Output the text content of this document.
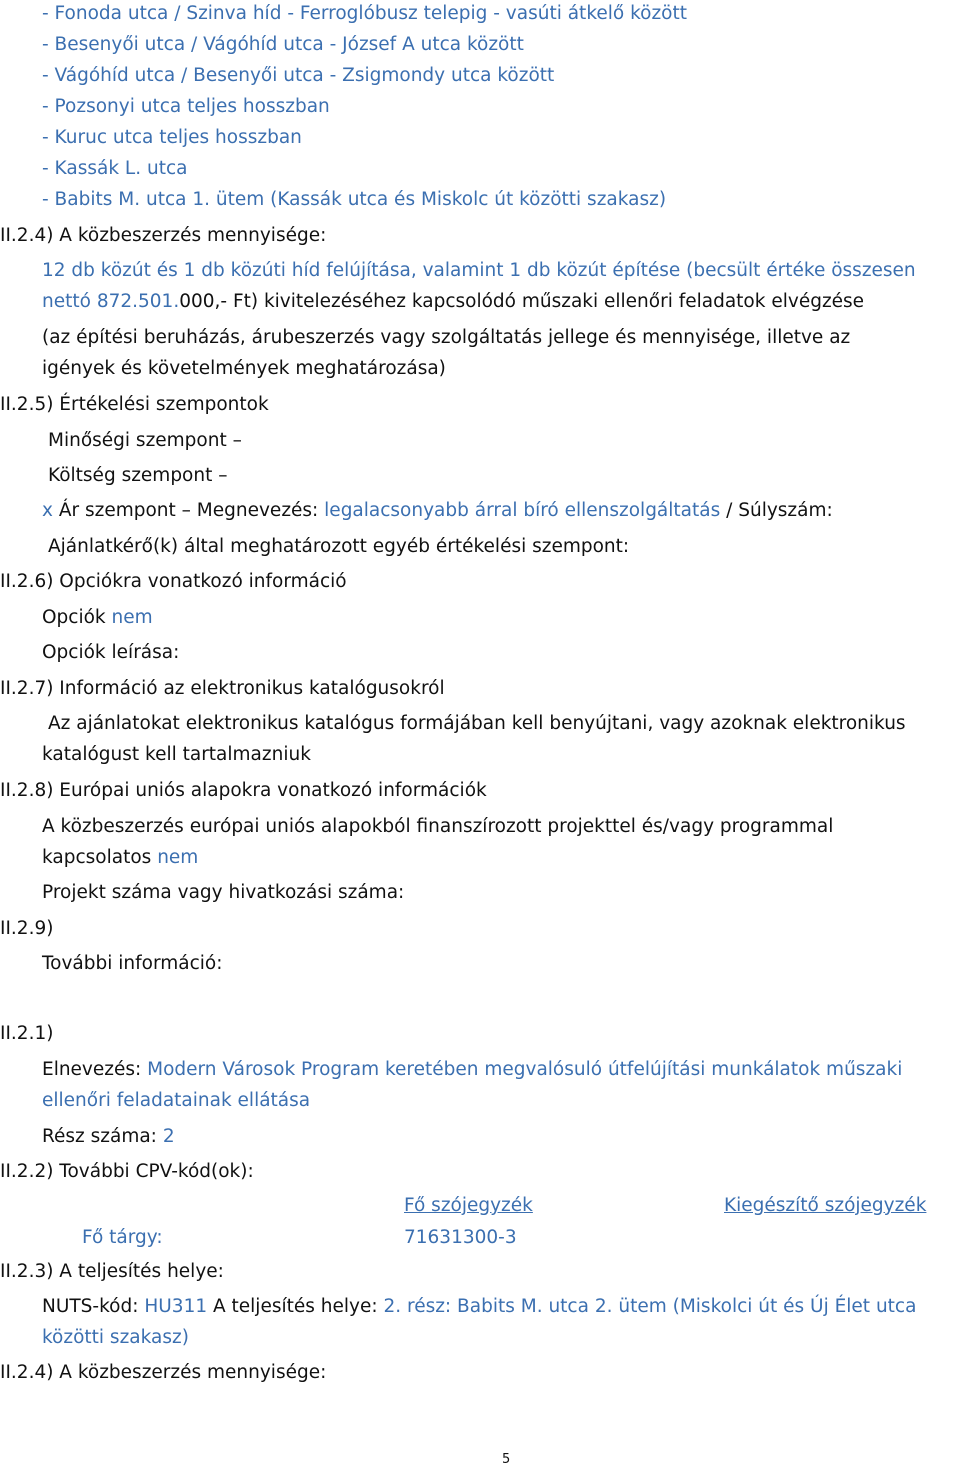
- Fonoda utca / Szinva híd - Ferroglóbusz telepig - vasúti átkelő között
- Besenyői utca / Vágóhíd utca - József A utca között
- Vágóhíd utca / Besenyői utca - Zsigmondy utca között
- Pozsonyi utca teljes hosszban
- Kuruc utca teljes hosszban
- Kassák L. utca
- Babits M. utca 1. ütem (Kassák utca és Miskolc út közötti szakasz)
II.2.4) A közbeszerzés mennyisége:
12 db közút és 1 db közúti híd felújítása, valamint 1 db közút építése (becsült értéke összesen
nettó 872.501.000,- Ft) kivitelezéséhez kapcsolódó műszaki ellenőri feladatok elvégzése
(az építési beruházás, árubeszerzés vagy szolgáltatás jellege és mennyisége, illetve az
igények és követelmények meghatározása)
II.2.5) Értékelési szempontok
Minőségi szempont –
Költség szempont –
x Ár szempont – Megnevezés: legalacsonyabb árral bíró ellenszolgáltatás / Súlyszám:
Ajánlatkérő(k) által meghatározott egyéb értékelési szempont:
II.2.6) Opciókra vonatkozó információ
Opciók nem
Opciók leírása:
II.2.7) Információ az elektronikus katalógusokról
Az ajánlatokat elektronikus katalógus formájában kell benyújtani, vagy azoknak elektronikus
katalógust kell tartalmazniuk
II.2.8) Európai uniós alapokra vonatkozó információk
A közbeszerzés európai uniós alapokból finanszírozott projekttel és/vagy programmal
kapcsolatos nem
Projekt száma vagy hivatkozási száma:
II.2.9)
További információ:
II.2.1)
Elnevezés: Modern Városok Program keretében megvalósuló útfelújítási munkálatok műszaki
ellenőri feladatainak ellátása
Rész száma: 2
II.2.2) További CPV-kód(ok):
Fő szójegyzék	Kiegészítő szójegyzék
Fő tárgy:	71631300-3
II.2.3) A teljesítés helye:
NUTS-kód: HU311 A teljesítés helye: 2. rész: Babits M. utca 2. ütem (Miskolci út és Új Élet utca
közötti szakasz)
II.2.4) A közbeszerzés mennyisége:
5
